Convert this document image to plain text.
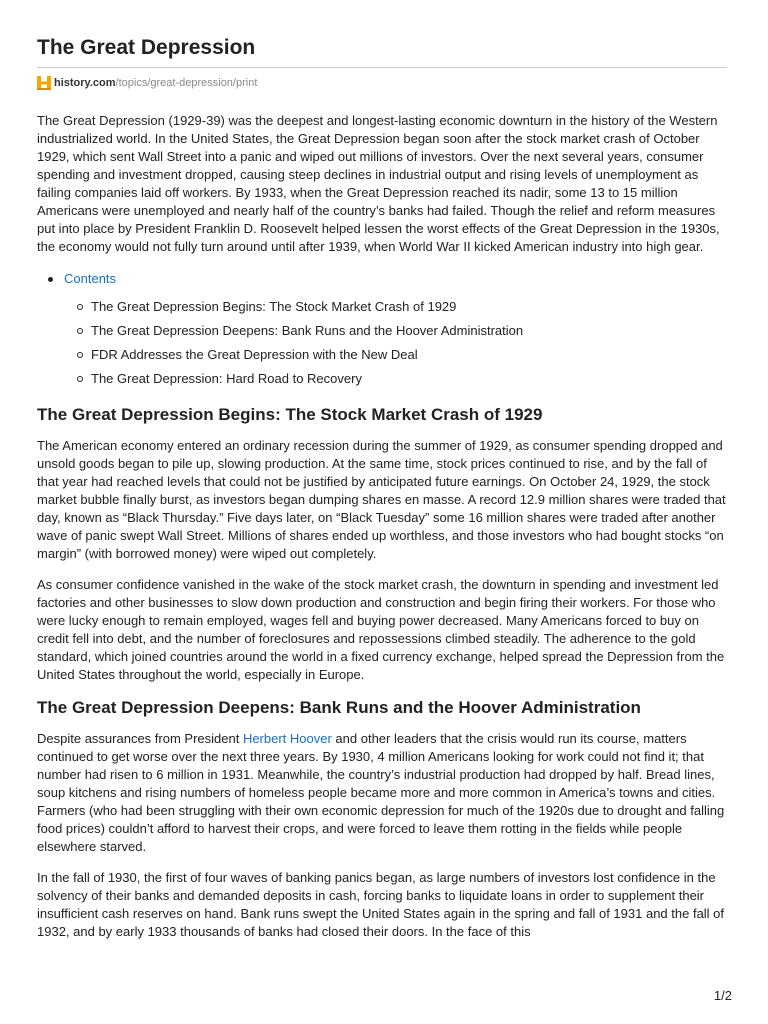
The Great Depression
history.com /topics/great-depression/print

The Great Depression (1929-39) was the deepest and longest-lasting economic downturn in the history of the Western industrialized world. In the United States, the Great Depression began soon after the stock market crash of October 1929, which sent Wall Street into a panic and wiped out millions of investors. Over the next several years, consumer spending and investment dropped, causing steep declines in industrial output and rising levels of unemployment as failing companies laid off workers. By 1933, when the Great Depression reached its nadir, some 13 to 15 million Americans were unemployed and nearly half of the country’s banks had failed. Though the relief and reform measures put into place by President Franklin D. Roosevelt helped lessen the worst effects of the Great Depression in the 1930s, the economy would not fully turn around until after 1939, when World War II kicked American industry into high gear.

Contents
The Great Depression Begins: The Stock Market Crash of 1929
The Great Depression Deepens: Bank Runs and the Hoover Administration
FDR Addresses the Great Depression with the New Deal
The Great Depression: Hard Road to Recovery
The Great Depression Begins: The Stock Market Crash of 1929

The American economy entered an ordinary recession during the summer of 1929, as consumer spending dropped and unsold goods began to pile up, slowing production. At the same time, stock prices continued to rise, and by the fall of that year had reached levels that could not be justified by anticipated future earnings. On October 24, 1929, the stock market bubble finally burst, as investors began dumping shares en masse. A record 12.9 million shares were traded that day, known as “Black Thursday.” Five days later, on “Black Tuesday” some 16 million shares were traded after another wave of panic swept Wall Street. Millions of shares ended up worthless, and those investors who had bought stocks “on margin” (with borrowed money) were wiped out completely.

As consumer confidence vanished in the wake of the stock market crash, the downturn in spending and investment led factories and other businesses to slow down production and construction and begin firing their workers. For those who were lucky enough to remain employed, wages fell and buying power decreased. Many Americans forced to buy on credit fell into debt, and the number of foreclosures and repossessions climbed steadily. The adherence to the gold standard, which joined countries around the world in a fixed currency exchange, helped spread the Depression from the United States throughout the world, especially in Europe.

The Great Depression Deepens: Bank Runs and the Hoover Administration

Despite assurances from President Herbert Hoover and other leaders that the crisis would run its course, matters continued to get worse over the next three years. By 1930, 4 million Americans looking for work could not find it; that number had risen to 6 million in 1931. Meanwhile, the country’s industrial production had dropped by half. Bread lines, soup kitchens and rising numbers of homeless people became more and more common in America’s towns and cities. Farmers (who had been struggling with their own economic depression for much of the 1920s due to drought and falling food prices) couldn’t afford to harvest their crops, and were forced to leave them rotting in the fields while people elsewhere starved.

In the fall of 1930, the first of four waves of banking panics began, as large numbers of investors lost confidence in the solvency of their banks and demanded deposits in cash, forcing banks to liquidate loans in order to supplement their insufficient cash reserves on hand. Bank runs swept the United States again in the spring and fall of 1931 and the fall of 1932, and by early 1933 thousands of banks had closed their doors. In the face of this

1/2
